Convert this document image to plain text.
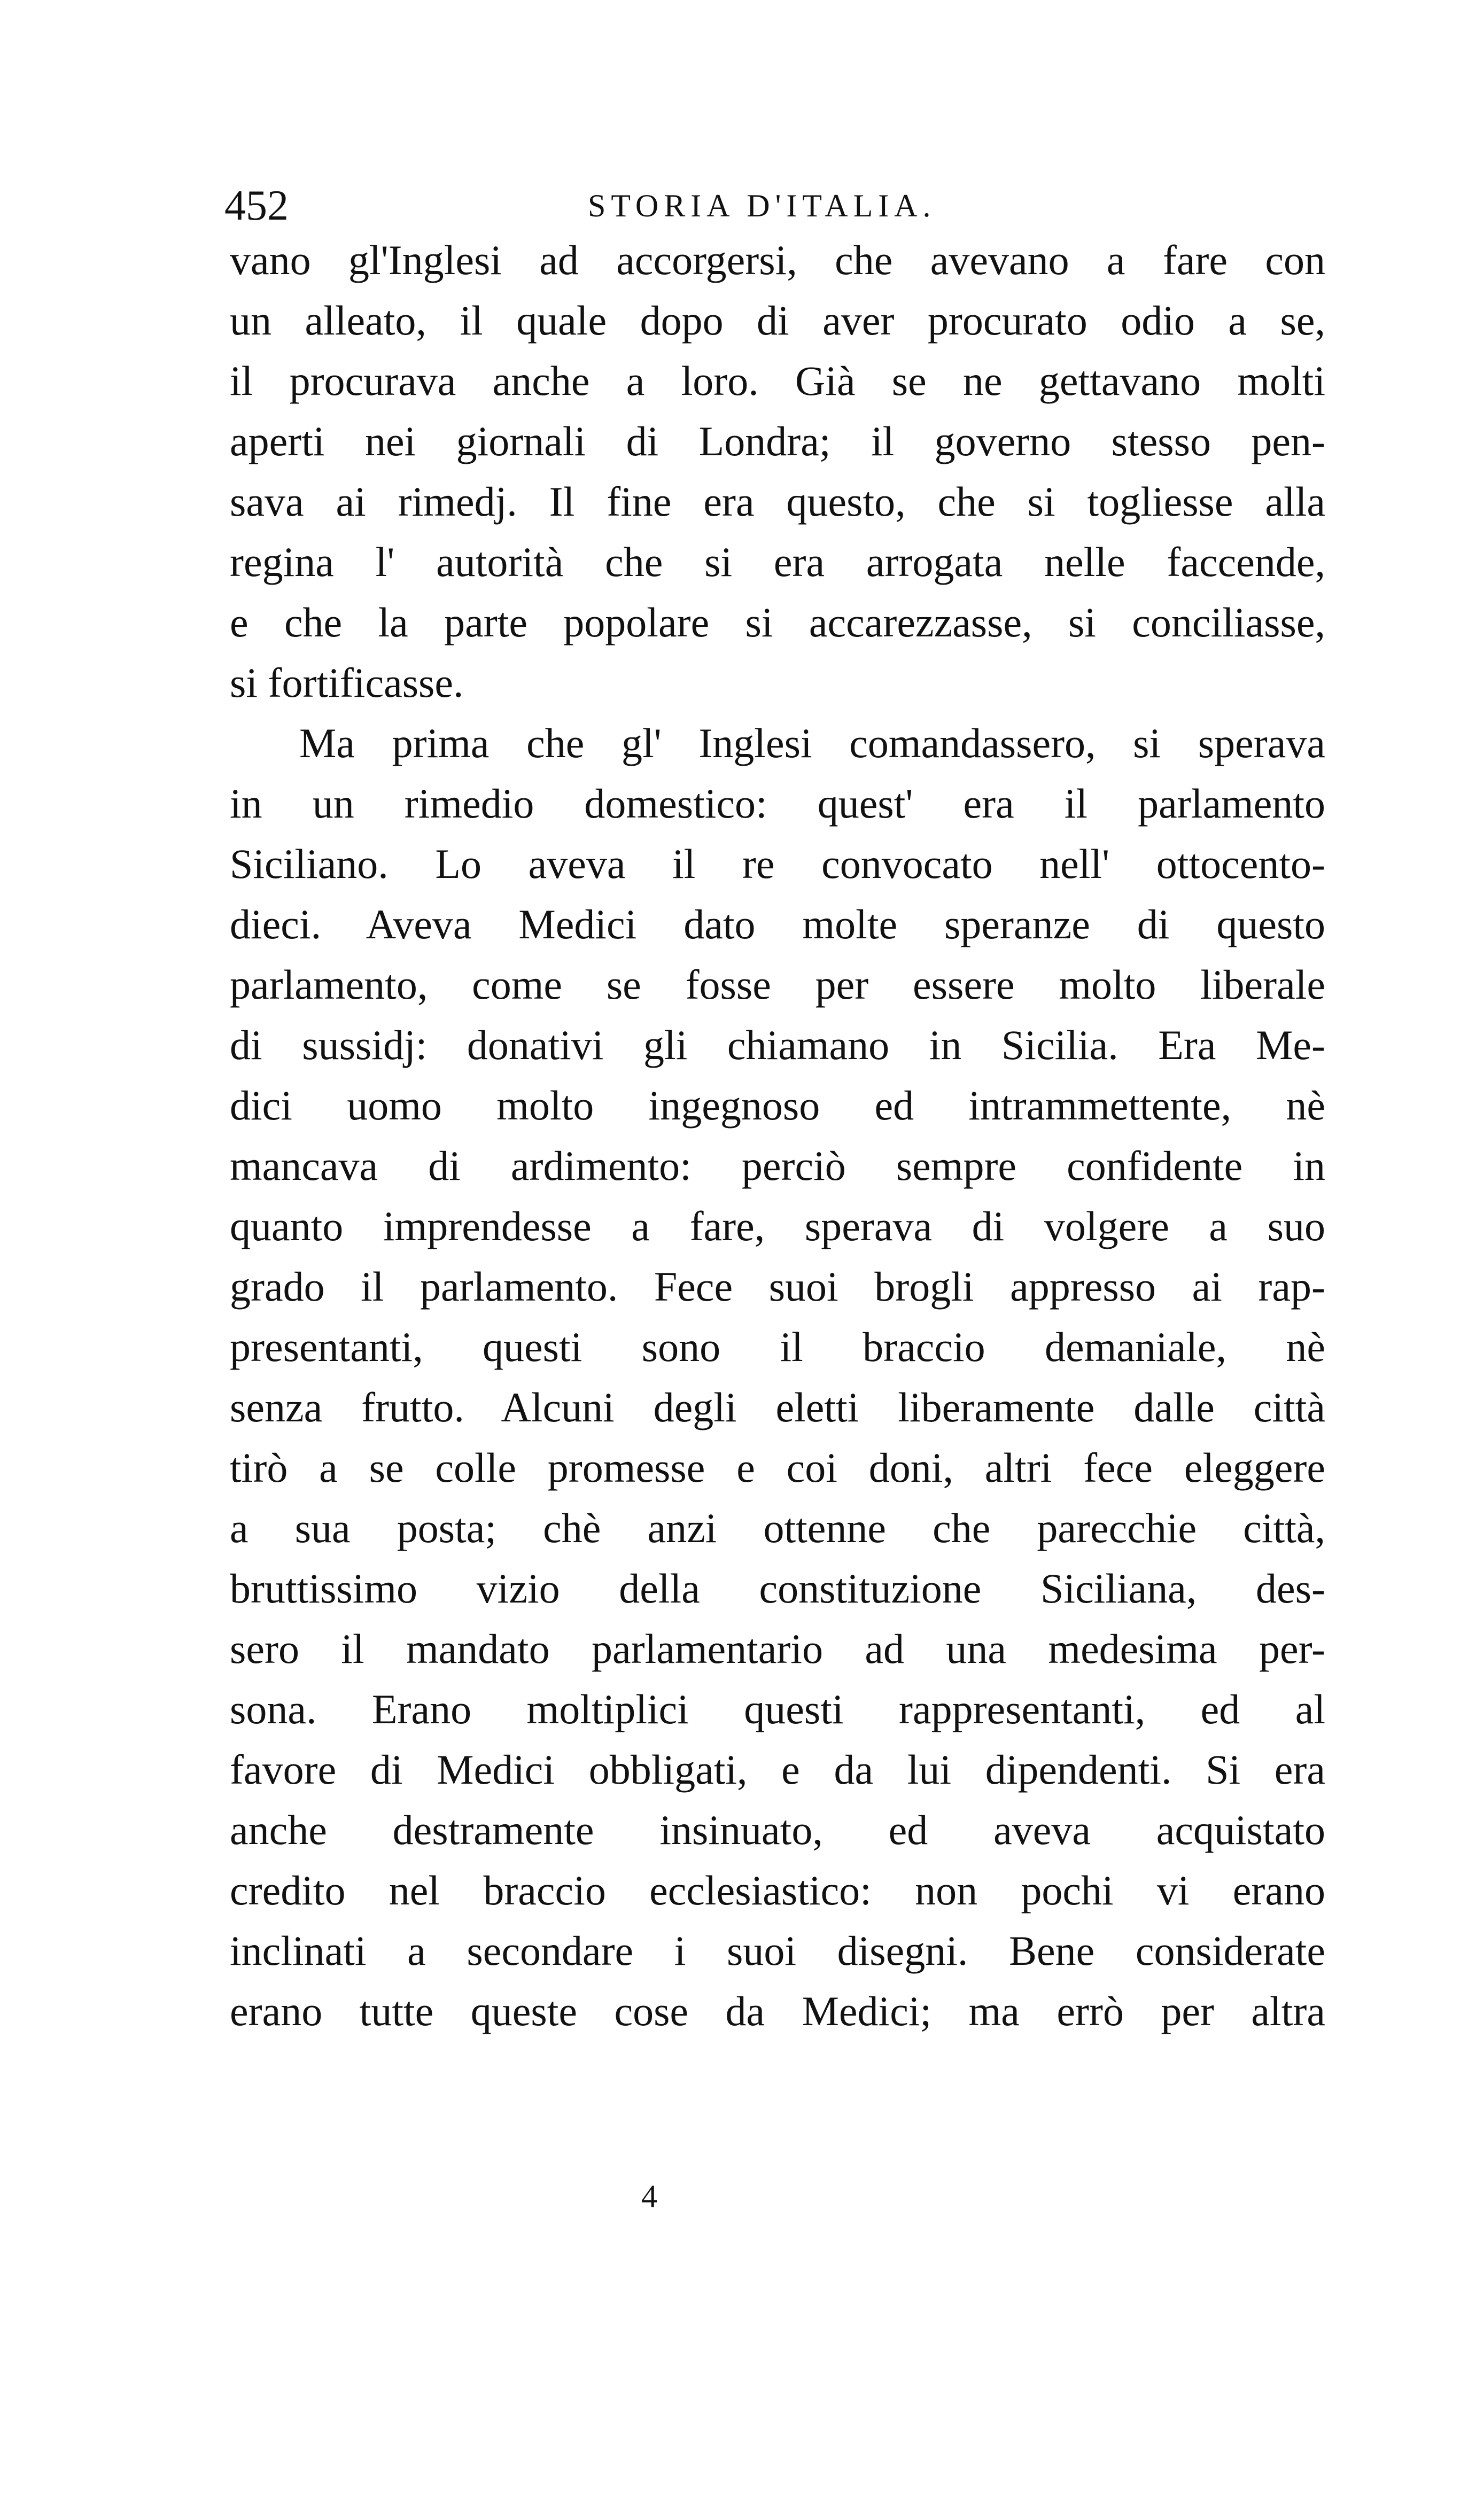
452	STORIA D'ITALIA.
vano gl'Inglesi ad accorgersi, che avevano a fare con
un alleato, il quale dopo di aver procurato odio a se,
il procurava anche a loro. Già se ne gettavano molti
aperti nei giornali di Londra; il governo stesso pen-
sava ai rimedj. Il fine era questo, che si togliesse alla
regina l' autorità che si era arrogata nelle faccende,
e che la parte popolare si accarezzasse, si conciliasse,
si fortificasse.
Ma prima che gl' Inglesi comandassero, si sperava
in un rimedio domestico: quest' era il parlamento
Siciliano. Lo aveva il re convocato nell' ottocento-
dieci. Aveva Medici dato molte speranze di questo
parlamento, come se fosse per essere molto liberale
di sussidj: donativi gli chiamano in Sicilia. Era Me-
dici uomo molto ingegnoso ed intrammettente, nè
mancava di ardimento: perciò sempre confidente in
quanto imprendesse a fare, sperava di volgere a suo
grado il parlamento. Fece suoi brogli appresso ai rap-
presentanti, questi sono il braccio demaniale, nè
senza frutto. Alcuni degli eletti liberamente dalle città
tirò a se colle promesse e coi doni, altri fece eleggere
a sua posta; chè anzi ottenne che parecchie città,
bruttissimo vizio della constituzione Siciliana, des-
sero il mandato parlamentario ad una medesima per-
sona. Erano moltiplici questi rappresentanti, ed al
favore di Medici obbligati, e da lui dipendenti. Si era
anche destramente insinuato, ed aveva acquistato
credito nel braccio ecclesiastico: non pochi vi erano
inclinati a secondare i suoi disegni. Bene considerate
erano tutte queste cose da Medici; ma errò per altra
4
